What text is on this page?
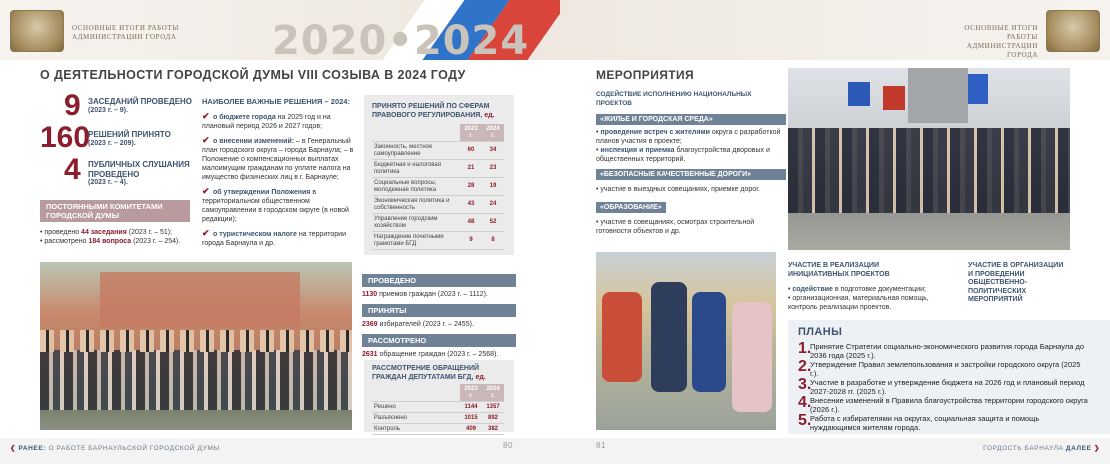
ОСНОВНЫЕ ИТОГИ РАБОТЫ
АДМИНИСТРАЦИИ ГОРОДА 2020•2024	ОСНОВНЫЕ ИТОГИ РАБОТЫ
АДМИНИСТРАЦИИ ГОРОДА
О ДЕЯТЕЛЬНОСТИ ГОРОДСКОЙ ДУМЫ VIII СОЗЫВА В 2024 ГОДУ
9 ЗАСЕДАНИЙ ПРОВЕДЕНО
(2023 г. – 9).
160
РЕШЕНИЙ ПРИНЯТО
(2023 г. – 209).
4 ПУБЛИЧНЫХ СЛУШАНИЯ ПРОВЕДЕНО
(2023 г. – 4).
ПОСТОЯННЫМИ КОМИТЕТАМИ ГОРОДСКОЙ ДУМЫ
• проведено 44 заседания (2023 г. – 51);
• рассмотрено 184 вопроса (2023 г. – 254).
НАИБОЛЕЕ ВАЖНЫЕ РЕШЕНИЯ – 2024:
✔ о бюджете города на 2025 год и на плановый период 2026 и 2027 годов;
✔ о внесении изменений: – в Генеральный план городского округа – города Барнаула; – в Положение о компенсационных выплатах малоимущим гражданам по уплате налога на имущество физических лиц в г. Барнауле;
✔ об утверждении Положения в территориальном общественном самоуправлении в городском округе (в новой редакции);
✔ о туристическом налоге на территории города Барнаула и др.
ПРИНЯТО РЕШЕНИЙ ПО СФЕРАМ ПРАВОВОГО РЕГУЛИРОВАНИЯ, ед.
	2023 г.	2024 г.
Законность, местное самоуправление	60	34
Бюджетная и налоговая политика	21	23
Социальные вопросы, молодежная политика	28	19
Экономическая политика и собственность	43	24
Управление городским хозяйством	48	52
Награждение почетными грамотами БГД	9	8
ПРОВЕДЕНО
1130 приемов граждан (2023 г. – 1112).
ПРИНЯТЫ
2369 избирателей (2023 г. – 2455).
РАССМОТРЕНО
2631 обращение граждан (2023 г. – 2568).
РАССМОТРЕНИЕ ОБРАЩЕНИЙ ГРАЖДАН ДЕПУТАТАМИ БГД, ед.
	2023 г.	2024 г.
Решено	1144	1357
Разъяснено	1015	892
Контроль	409	382
МЕРОПРИЯТИЯ
СОДЕЙСТВИЕ ИСПОЛНЕНИЮ НАЦИОНАЛЬНЫХ ПРОЕКТОВ
«ЖИЛЬЕ И ГОРОДСКАЯ СРЕДА»
• проведение встреч с жителями округа с разработкой планов участия в проекте;
• инспекция и приемка благоустройства дворовых и общественных территорий.
«БЕЗОПАСНЫЕ КАЧЕСТВЕННЫЕ ДОРОГИ»
• участие в выездных совещаниях, приемке дорог.
«ОБРАЗОВАНИЕ»
• участие в совещаниях, осмотрах строительной готовности объектов и др.
УЧАСТИЕ В РЕАЛИЗАЦИИ ИНИЦИАТИВНЫХ ПРОЕКТОВ
• содействие в подготовке документации;
• организационная, материальная помощь, контроль реализации проектов.
УЧАСТИЕ В ОРГАНИЗАЦИИ И ПРОВЕДЕНИИ ОБЩЕСТВЕННО-ПОЛИТИЧЕСКИХ МЕРОПРИЯТИЙ
ПЛАНЫ
1.Принятие Стратегии социально-экономического развития города Барнаула до 2036 года (2025 г.).
2.Утверждение Правил землепользования и застройки городского округа (2025 г.).
3.Участие в разработке и утверждение бюджета на 2026 год и плановый период 2027-2028 гг. (2025 г.).
4.Внесение изменений в Правила благоустройства территории городского округа (2026 г.).
5.Работа с избирателями на округах, социальная защита и помощь нуждающимся жителям города.
❮ РАНЕЕ: О РАБОТЕ БАРНАУЛЬСКОЙ ГОРОДСКОЙ ДУМЫ	80	81	ГОРДОСТЬ БАРНАУЛА ДАЛЕЕ ❯
